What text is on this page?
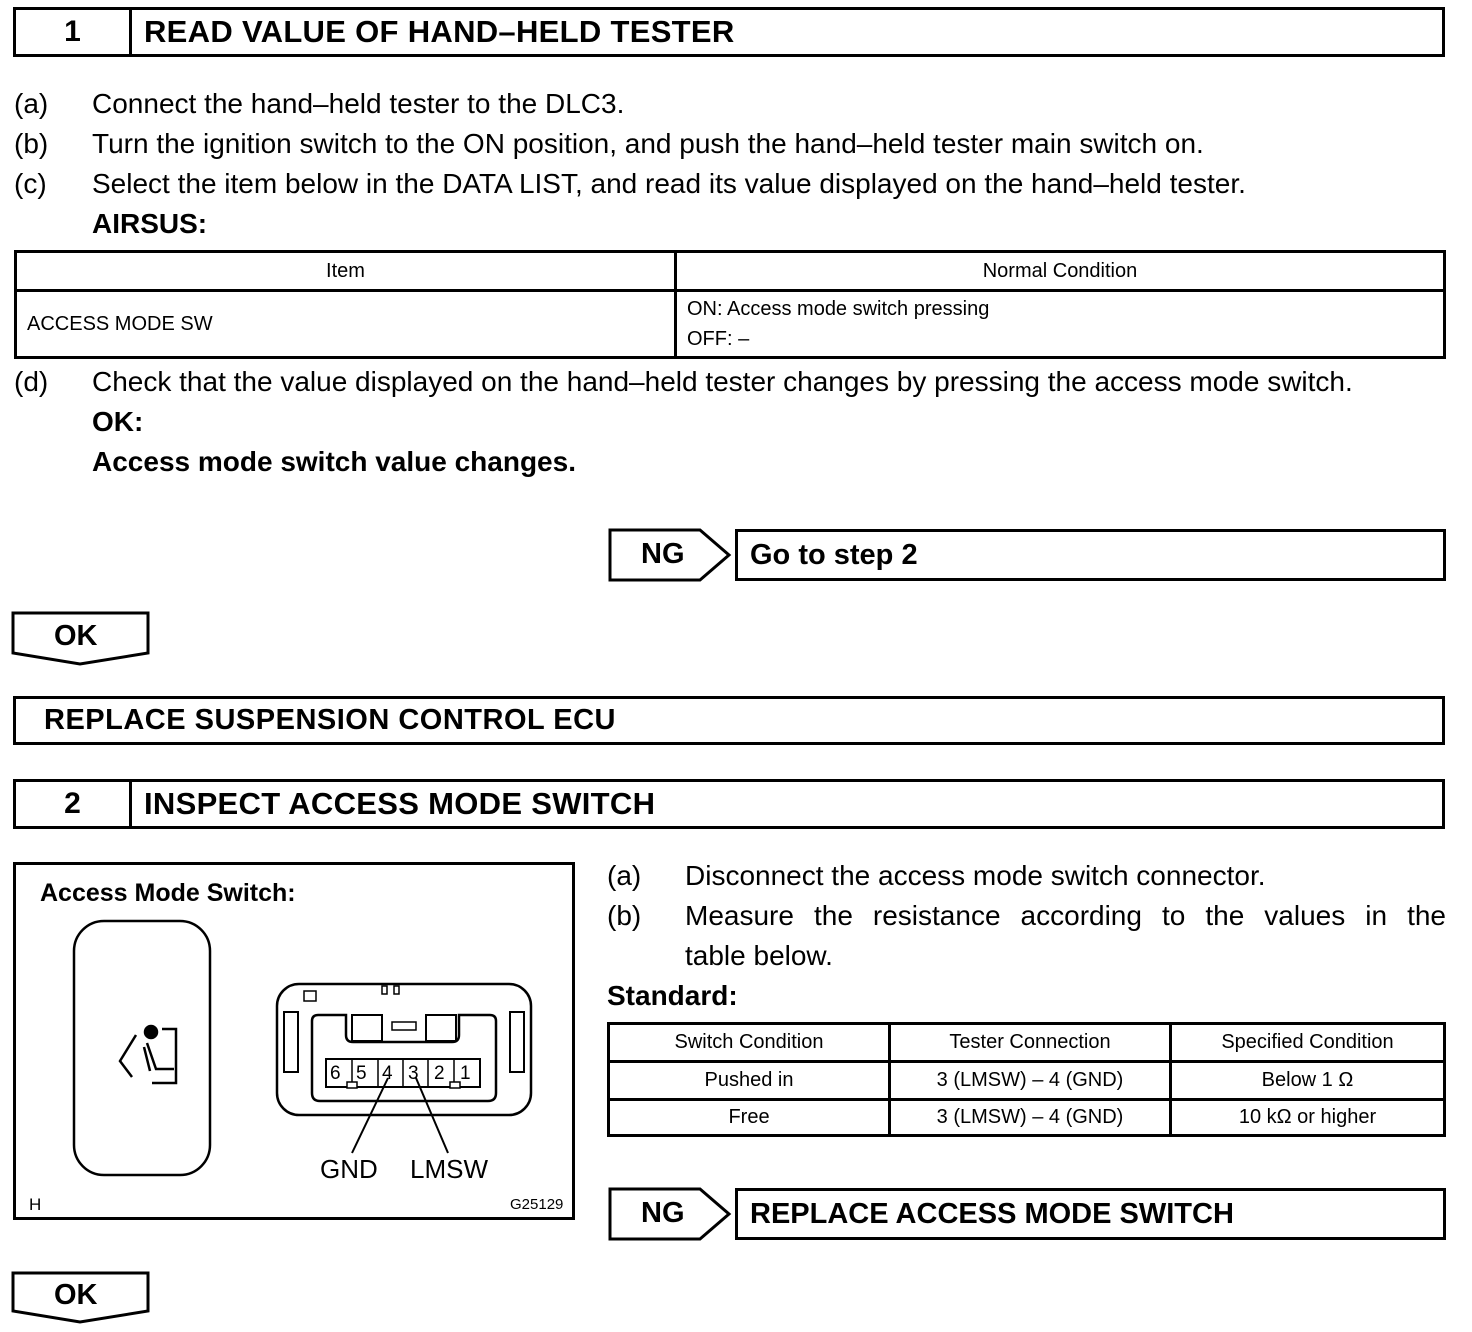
1	READ VALUE OF HAND–HELD TESTER
(a) Connect the hand–held tester to the DLC3.
(b) Turn the ignition switch to the ON position, and push the hand–held tester main switch on.
(c) Select the item below in the DATA LIST, and read its value displayed on the hand–held tester.
AIRSUS:
Item	Normal Condition
ACCESS MODE SW	ON: Access mode switch pressing
OFF: –
(d) Check that the value displayed on the hand–held tester changes by pressing the access mode switch.
OK:
Access mode switch value changes.
NG Go to step 2
OK
REPLACE SUSPENSION CONTROL ECU
2	INSPECT ACCESS MODE SWITCH
Access Mode Switch:
6 5 4 3 2 1
GND LMSW
H	G25129
(a) Disconnect the access mode switch connector.
(b) Measure the resistance according to the values in the
table below.
Standard:
Switch Condition	Tester Connection	Specified Condition
Pushed in	3 (LMSW) – 4 (GND)	Below 1 Ω
Free	3 (LMSW) – 4 (GND)	10 kΩ or higher
NG REPLACE ACCESS MODE SWITCH
OK
